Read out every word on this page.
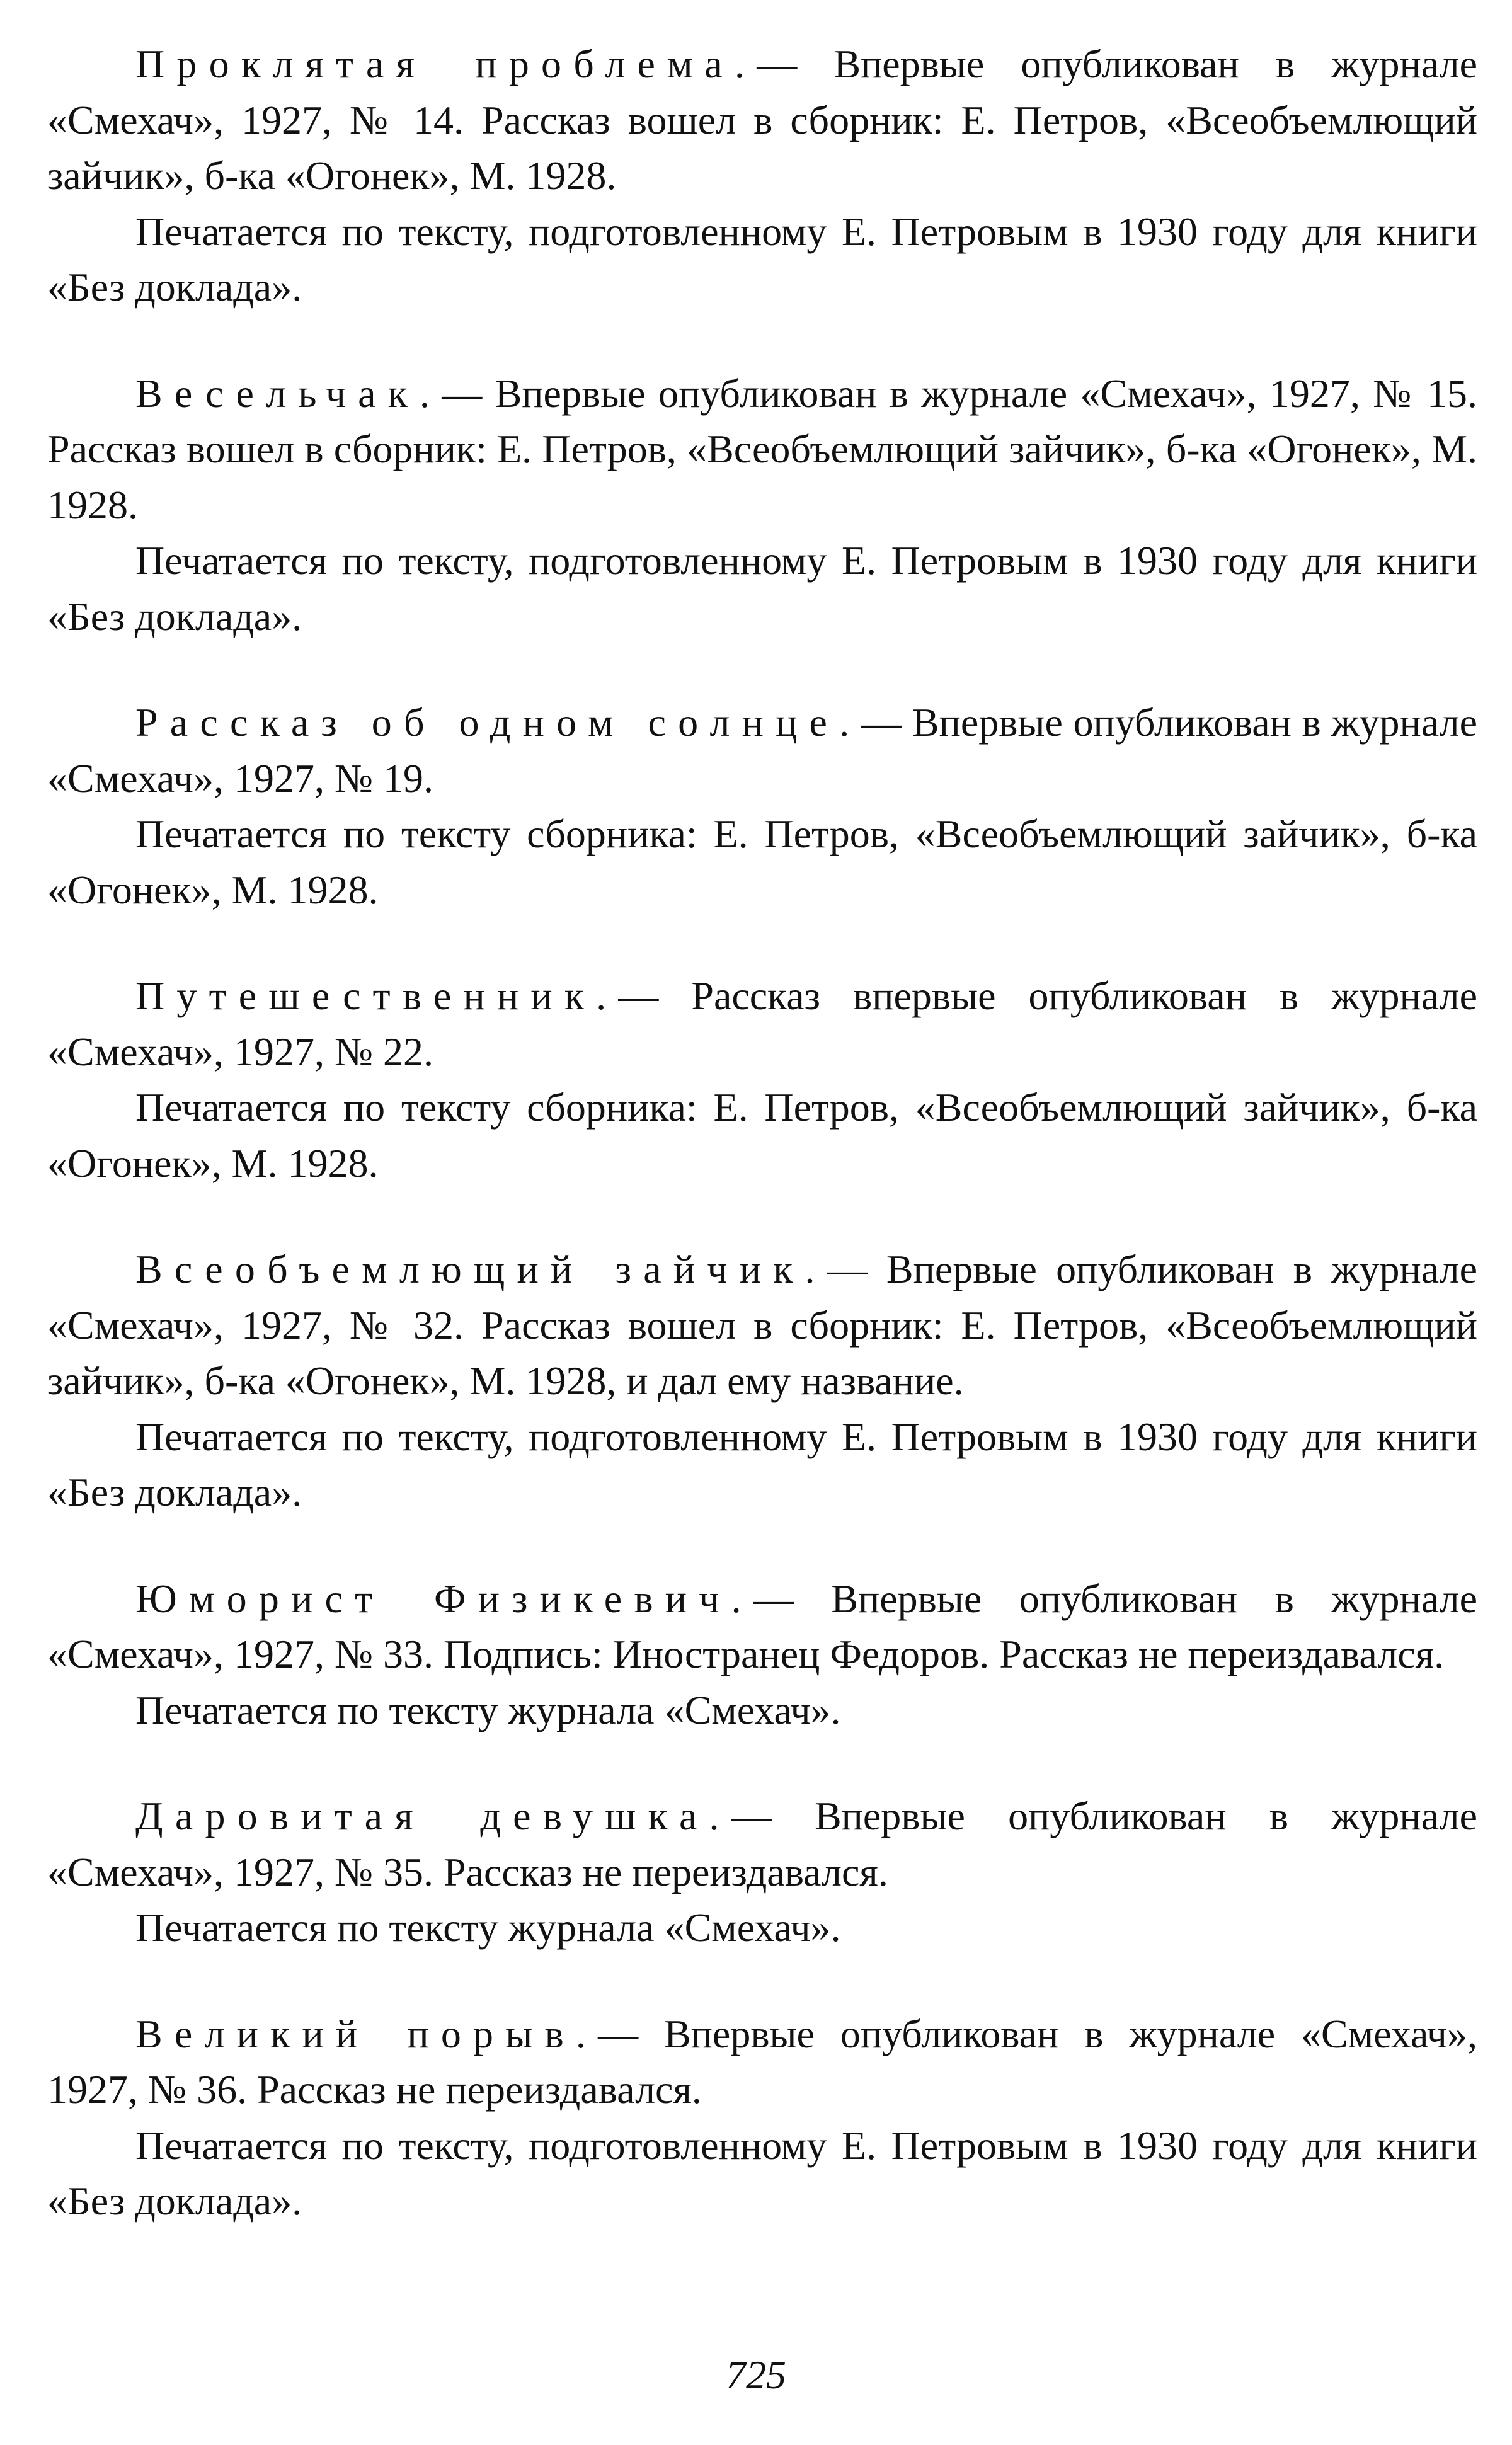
Проклятая проблема.— Впервые опубликован в журнале «Смехач», 1927, № 14. Рассказ вошел в сборник: Е. Петров, «Всеобъемлющий зайчик», б-ка «Огонек», М. 1928.

Печатается по тексту, подготовленному Е. Петровым в 1930 году для книги «Без доклада».

Весельчак.— Впервые опубликован в журнале «Смехач», 1927, № 15. Рассказ вошел в сборник: Е. Петров, «Всеобъемлющий зайчик», б-ка «Огонек», М. 1928.

Печатается по тексту, подготовленному Е. Петровым в 1930 году для книги «Без доклада».

Рассказ об одном солнце.— Впервые опубликован в журнале «Смехач», 1927, № 19.

Печатается по тексту сборника: Е. Петров, «Всеобъемлющий зайчик», б-ка «Огонек», М. 1928.

Путешественник.— Рассказ впервые опубликован в журнале «Смехач», 1927, № 22.

Печатается по тексту сборника: Е. Петров, «Всеобъемлющий зайчик», б-ка «Огонек», М. 1928.

Всеобъемлющий зайчик.— Впервые опубликован в журнале «Смехач», 1927, № 32. Рассказ вошел в сборник: Е. Петров, «Всеобъемлющий зайчик», б-ка «Огонек», М. 1928, и дал ему название.

Печатается по тексту, подготовленному Е. Петровым в 1930 году для книги «Без доклада».

Юморист Физикевич.— Впервые опубликован в журнале «Смехач», 1927, № 33. Подпись: Иностранец Федоров. Рассказ не переиздавался.

Печатается по тексту журнала «Смехач».

Даровитая девушка.— Впервые опубликован в журнале «Смехач», 1927, № 35. Рассказ не переиздавался.

Печатается по тексту журнала «Смехач».

Великий порыв.— Впервые опубликован в журнале «Смехач», 1927, № 36. Рассказ не переиздавался.

Печатается по тексту, подготовленному Е. Петровым в 1930 году для книги «Без доклада».

725
